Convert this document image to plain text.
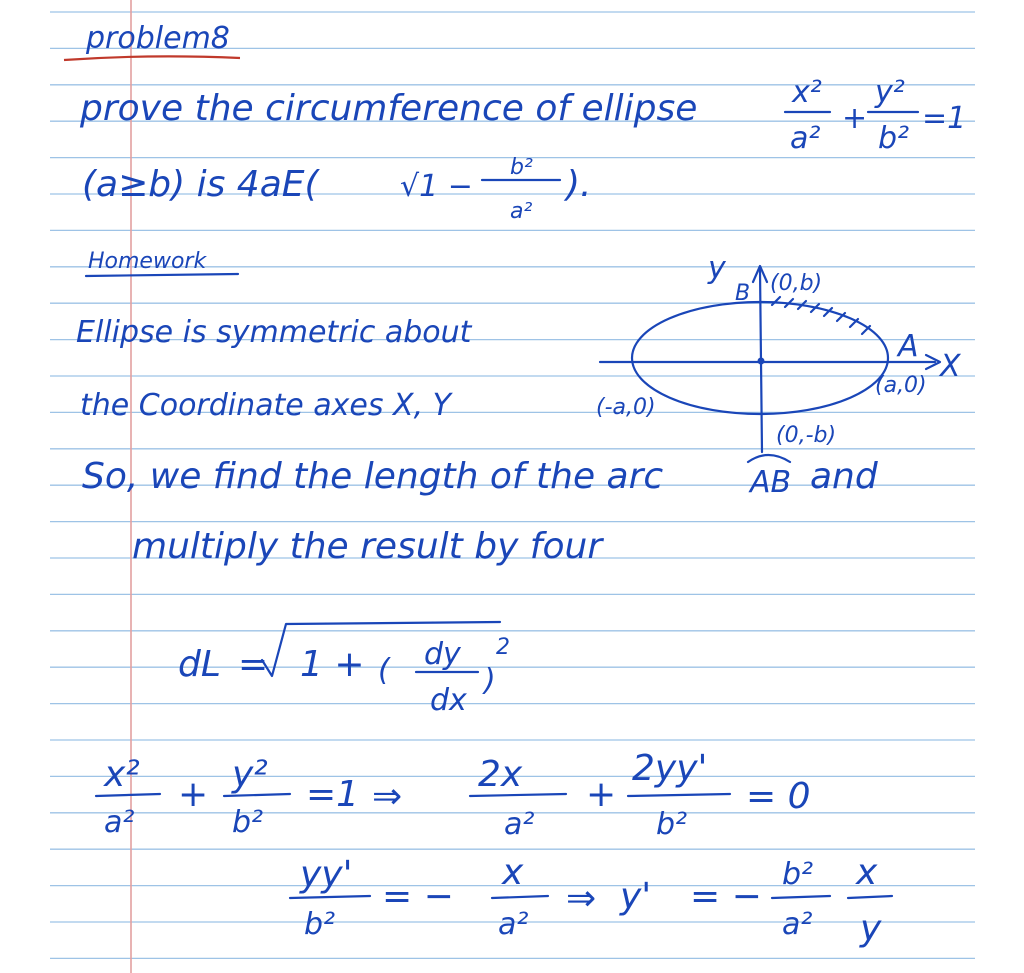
problem8
prove the circumference of ellipse	x²
a²
+
y²
b²
=1
(a≥b) is 4aE(	√1 −
b²
a²
).
Homework
Ellipse is symmetric about
the Coordinate axes X, Y
So, we find the length of the arc	AB and
multiply the result by four
y
X
B
A
(0,b)
(a,0)
(-a,0)
(0,-b)
dL = 1 + ( dy
dx
)
2
x²
a²
+ y²
b²
=1 ⇒
2x
a²
+
2yy'
b²
= 0
yy'
b²
= −
x
a²
⇒ y' = −
b²
a²
x
y
